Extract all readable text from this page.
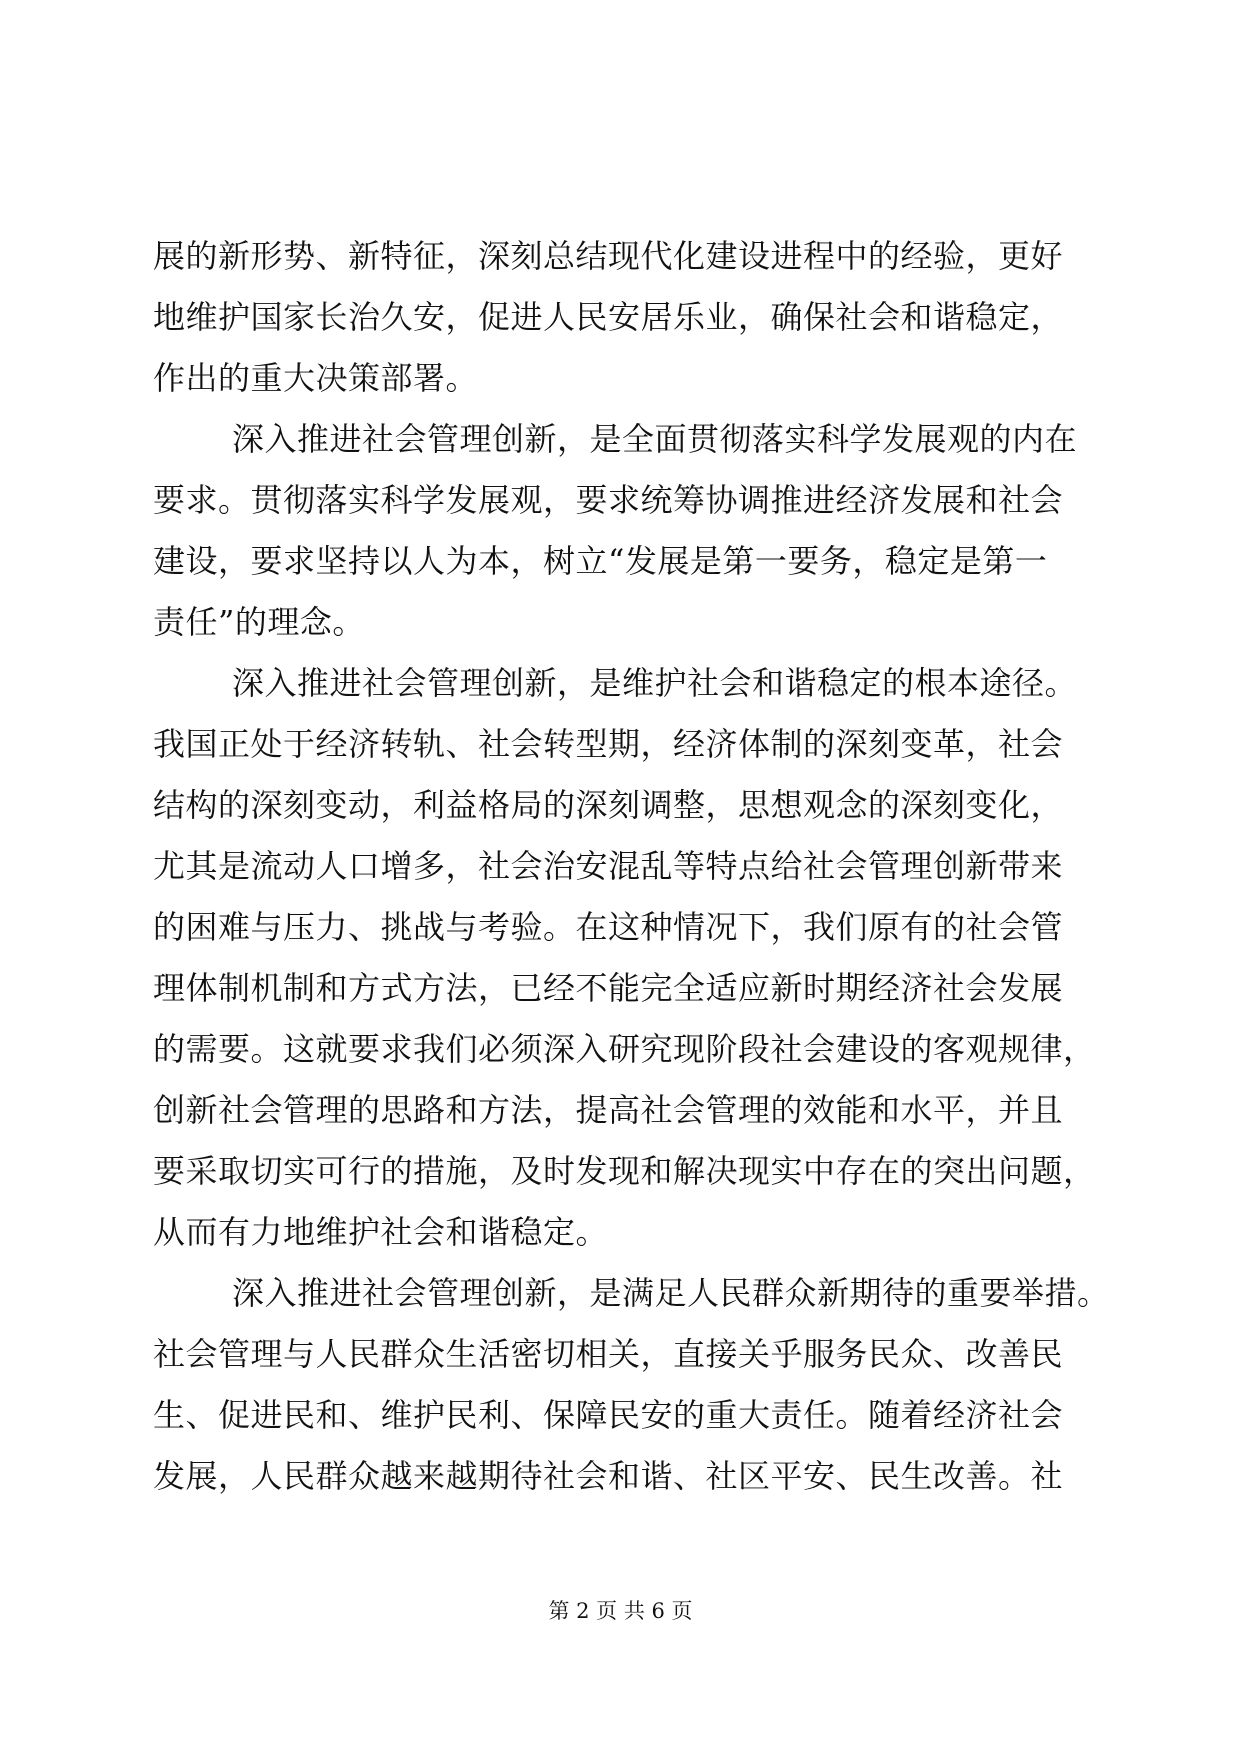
展的新形势、新特征，深刻总结现代化建设进程中的经验，更好
地维护国家长治久安，促进人民安居乐业，确保社会和谐稳定，
作出的重大决策部署。
深入推进社会管理创新，是全面贯彻落实科学发展观的内在
要求。贯彻落实科学发展观，要求统筹协调推进经济发展和社会
建设，要求坚持以人为本，树立“发展是第一要务，稳定是第一
责任”的理念。
深入推进社会管理创新，是维护社会和谐稳定的根本途径。
我国正处于经济转轨、社会转型期，经济体制的深刻变革，社会
结构的深刻变动，利益格局的深刻调整，思想观念的深刻变化，
尤其是流动人口增多，社会治安混乱等特点给社会管理创新带来
的困难与压力、挑战与考验。在这种情况下，我们原有的社会管
理体制机制和方式方法，已经不能完全适应新时期经济社会发展
的需要。这就要求我们必须深入研究现阶段社会建设的客观规律，
创新社会管理的思路和方法，提高社会管理的效能和水平，并且
要采取切实可行的措施，及时发现和解决现实中存在的突出问题，
从而有力地维护社会和谐稳定。
深入推进社会管理创新，是满足人民群众新期待的重要举措。
社会管理与人民群众生活密切相关，直接关乎服务民众、改善民
生、促进民和、维护民利、保障民安的重大责任。随着经济社会
发展，人民群众越来越期待社会和谐、社区平安、民生改善。社
第 2 页 共 6 页
